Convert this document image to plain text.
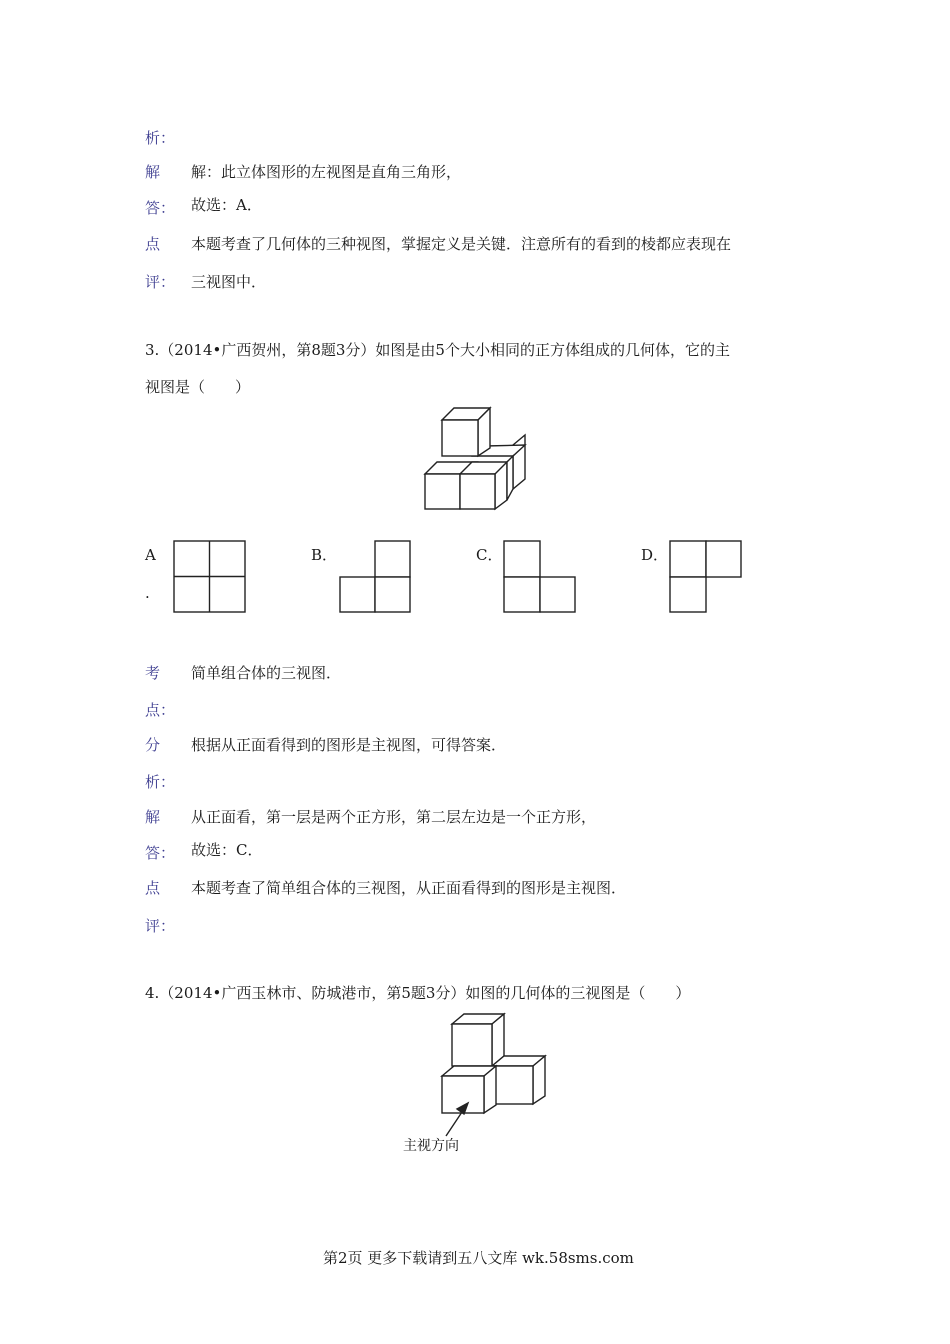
析：
解 解：此立体图形的左视图是直角三角形，
答： 故选：A．
点 本题考查了几何体的三种视图，掌握定义是关键．注意所有的看到的棱都应表现在
评： 三视图中．
3.（2014•广西贺州，第8题3分）如图是由5个大小相同的正方体组成的几何体，它的主
视图是（　　）
A
.
B．	C．	D．
考 简单组合体的三视图．
点：
分 根据从正面看得到的图形是主视图，可得答案．
析：
解 从正面看，第一层是两个正方形，第二层左边是一个正方形，
答： 故选：C．
点 本题考查了简单组合体的三视图，从正面看得到的图形是主视图．
评：
4.（2014•广西玉林市、防城港市，第5题3分）如图的几何体的三视图是（　　）
主视方向
第2页 更多下载请到五八文库 wk.58sms.com
